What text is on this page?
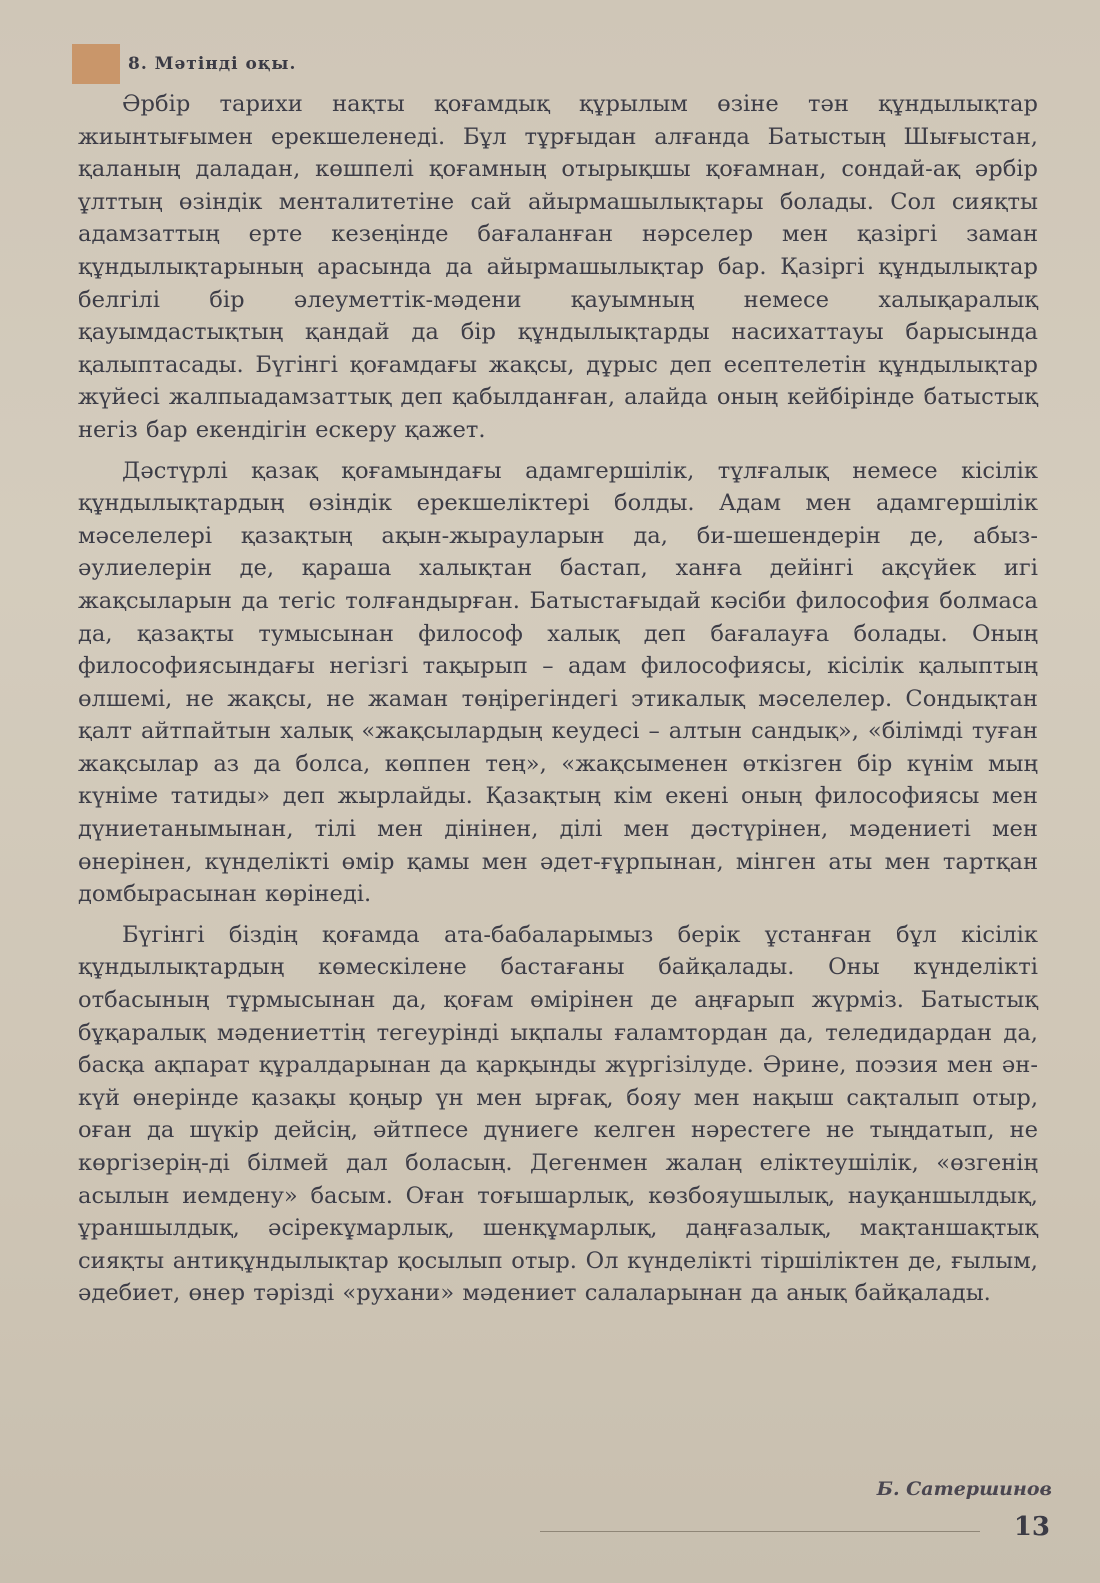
8. Мәтінді оқы.

Әрбір тарихи нақты қоғамдық құрылым өзіне тән құндылықтар жиынтығымен ерекшеленеді. Бұл тұрғыдан алғанда Батыстың Шығыстан, қаланың даладан, көшпелі қоғамның отырықшы қоғамнан, сондай-ақ әрбір ұлттың өзіндік менталитетіне сай айырмашылықтары болады. Сол сияқты адамзаттың ерте кезеңінде бағаланған нәрселер мен қазіргі заман құндылықтарының арасында да айырмашылықтар бар. Қазіргі құндылықтар белгілі бір әлеуметтік-мәдени қауымның немесе халықаралық қауымдастықтың қандай да бір құндылықтарды насихаттауы барысында қалыптасады. Бүгінгі қоғамдағы жақсы, дұрыс деп есептелетін құндылықтар жүйесі жалпыадамзаттық деп қабылданған, алайда оның кейбірінде батыстық негіз бар екендігін ескеру қажет.

Дәстүрлі қазақ қоғамындағы адамгершілік, тұлғалық немесе кісілік құндылықтардың өзіндік ерекшеліктері болды. Адам мен адамгершілік мәселелері қазақтың ақын-жырауларын да, би-шешендерін де, абыз-әулиелерін де, қараша халықтан бастап, ханға дейінгі ақсүйек игі жақсыларын да тегіс толғандырған. Батыстағыдай кәсіби философия болмаса да, қазақты тумысынан философ халық деп бағалауға болады. Оның философиясындағы негізгі тақырып – адам философиясы, кісілік қалыптың өлшемі, не жақсы, не жаман төңірегіндегі этикалық мәселелер. Сондықтан қалт айтпайтын халық «жақсылардың кеудесі – алтын сандық», «білімді туған жақсылар аз да болса, көппен тең», «жақсыменен өткізген бір күнім мың күніме татиды» деп жырлайды. Қазақтың кім екені оның философиясы мен дүниетанымынан, тілі мен дінінен, ділі мен дәстүрінен, мәдениеті мен өнерінен, күнделікті өмір қамы мен әдет-ғұрпынан, мінген аты мен тартқан домбырасынан көрінеді.

Бүгінгі біздің қоғамда ата-бабаларымыз берік ұстанған бұл кісілік құндылықтардың көмескілене бастағаны байқалады. Оны күнделікті отбасының тұрмысынан да, қоғам өмірінен де аңғарып жүрміз. Батыстық бұқаралық мәдениеттің тегеурінді ықпалы ғаламтордан да, теледидардан да, басқа ақпарат құралдарынан да қарқынды жүргізілуде. Әрине, поэзия мен ән-күй өнерінде қазақы қоңыр үн мен ырғақ, бояу мен нақыш сақталып отыр, оған да шүкір дейсің, әйтпесе дүниеге келген нәрестеге не тыңдатып, не көргізерің-ді білмей дал боласың. Дегенмен жалаң еліктеушілік, «өзгенің асылын иемдену» басым. Оған тоғышарлық, көзбояушылық, науқаншылдық, ұраншылдық, әсірекұмарлық, шенқұмарлық, даңғазалық, мақтаншақтық сияқты антиқұндылықтар қосылып отыр. Ол күнделікті тіршіліктен де, ғылым, әдебиет, өнер тәрізді «рухани» мәдениет салаларынан да анық байқалады.

Б. Сатершинов
13
